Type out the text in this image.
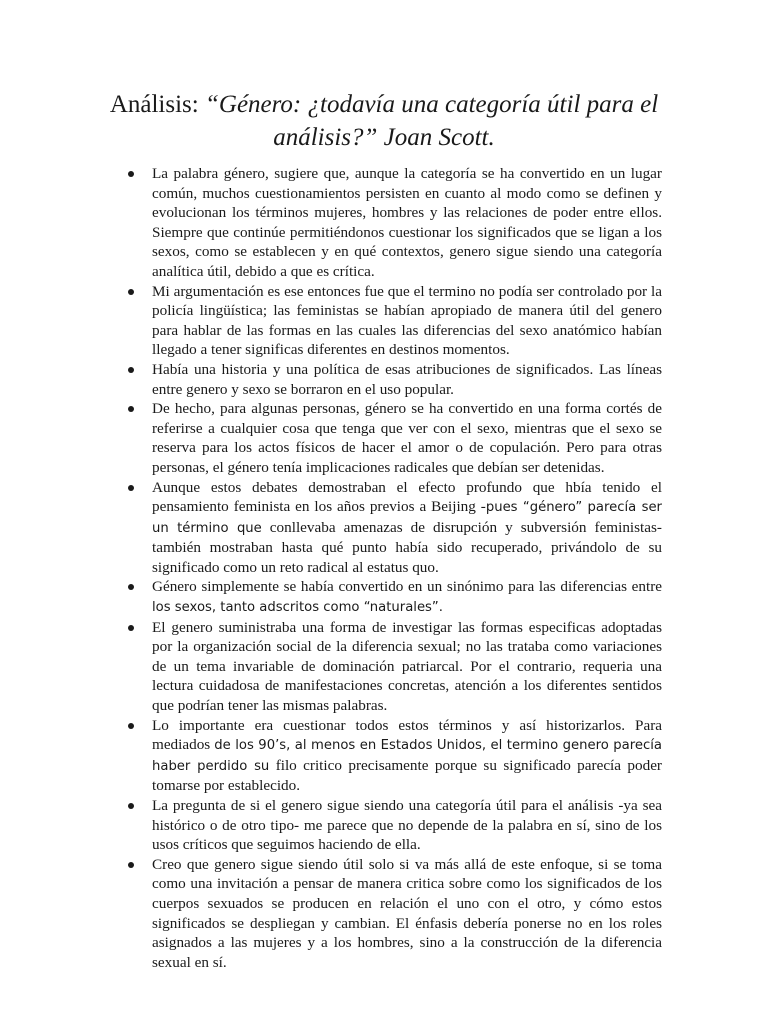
Análisis: “Género: ¿todavía una categoría útil para el análisis?” Joan Scott.
La palabra género, sugiere que, aunque la categoría se ha convertido en un lugar común, muchos cuestionamientos persisten en cuanto al modo como se definen y evolucionan los términos mujeres, hombres y las relaciones de poder entre ellos. Siempre que continúe permitiéndonos cuestionar los significados que se ligan a los sexos, como se establecen y en qué contextos, genero sigue siendo una categoría analítica útil, debido a que es crítica.
Mi argumentación es ese entonces fue que el termino no podía ser controlado por la policía lingüística; las feministas se habían apropiado de manera útil del genero para hablar de las formas en las cuales las diferencias del sexo anatómico habían llegado a tener significas diferentes en destinos momentos.
Había una historia y una política de esas atribuciones de significados. Las líneas entre genero y sexo se borraron en el uso popular.
De hecho, para algunas personas, género se ha convertido en una forma cortés de referirse a cualquier cosa que tenga que ver con el sexo, mientras que el sexo se reserva para los actos físicos de hacer el amor o de copulación. Pero para otras personas, el género tenía implicaciones radicales que debían ser detenidas.
Aunque estos debates demostraban el efecto profundo que hbía tenido el pensamiento feminista en los años previos a Beijing -pues “género” parecía ser un término que conllevaba amenazas de disrupción y subversión feministas- también mostraban hasta qué punto había sido recuperado, privándolo de su significado como un reto radical al estatus quo.
Género simplemente se había convertido en un sinónimo para las diferencias entre los sexos, tanto adscritos como “naturales”.
El genero suministraba una forma de investigar las formas especificas adoptadas por la organización social de la diferencia sexual; no las trataba como variaciones de un tema invariable de dominación patriarcal. Por el contrario, requeria una lectura cuidadosa de manifestaciones concretas, atención a los diferentes sentidos que podrían tener las mismas palabras.
Lo importante era cuestionar todos estos términos y así historizarlos. Para mediados de los 90’s, al menos en Estados Unidos, el termino genero parecía haber perdido su filo critico precisamente porque su significado parecía poder tomarse por establecido.
La pregunta de si el genero sigue siendo una categoría útil para el análisis -ya sea histórico o de otro tipo- me parece que no depende de la palabra en sí, sino de los usos críticos que seguimos haciendo de ella.
Creo que genero sigue siendo útil solo si va más allá de este enfoque, si se toma como una invitación a pensar de manera critica sobre como los significados de los cuerpos sexuados se producen en relación el uno con el otro, y cómo estos significados se despliegan y cambian. El énfasis debería ponerse no en los roles asignados a las mujeres y a los hombres, sino a la construcción de la diferencia sexual en sí.
